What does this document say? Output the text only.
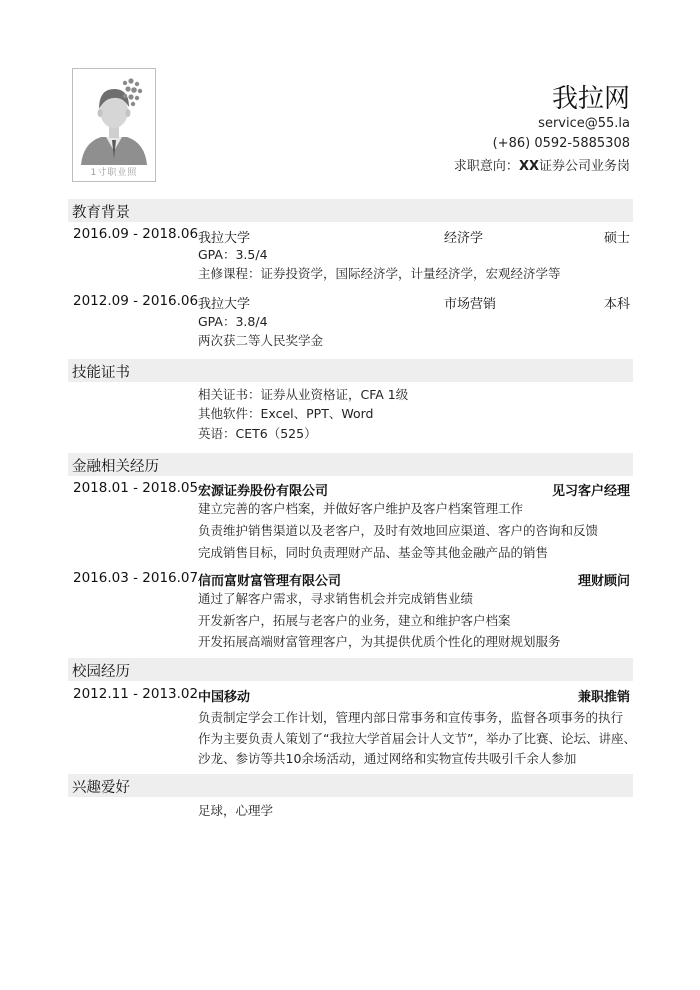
1寸职业照
我拉网
service@55.la
(+86) 0592-5885308
求职意向：XX证券公司业务岗
教育背景
2016.09 - 2018.06 我拉大学	经济学	硕士
GPA：3.5/4
主修课程：证券投资学，国际经济学，计量经济学，宏观经济学等
2012.09 - 2016.06 我拉大学	市场营销	本科
GPA：3.8/4
两次获二等人民奖学金
技能证书
相关证书：证券从业资格证，CFA 1级
其他软件：Excel、PPT、Word
英语：CET6（525）
金融相关经历
2018.01 - 2018.05 宏源证券股份有限公司	见习客户经理
建立完善的客户档案，并做好客户维护及客户档案管理工作
负责维护销售渠道以及老客户，及时有效地回应渠道、客户的咨询和反馈
完成销售目标，同时负责理财产品、基金等其他金融产品的销售
2016.03 - 2016.07 信而富财富管理有限公司	理财顾问
通过了解客户需求，寻求销售机会并完成销售业绩
开发新客户，拓展与老客户的业务，建立和维护客户档案
开发拓展高端财富管理客户，为其提供优质个性化的理财规划服务
校园经历
2012.11 - 2013.02 中国移动	兼职推销
负责制定学会工作计划，管理内部日常事务和宣传事务，监督各项事务的执行
作为主要负责人策划了“我拉大学首届会计人文节”，举办了比赛、论坛、讲座、
沙龙、参访等共10余场活动，通过网络和实物宣传共吸引千余人参加
兴趣爱好
足球，心理学
